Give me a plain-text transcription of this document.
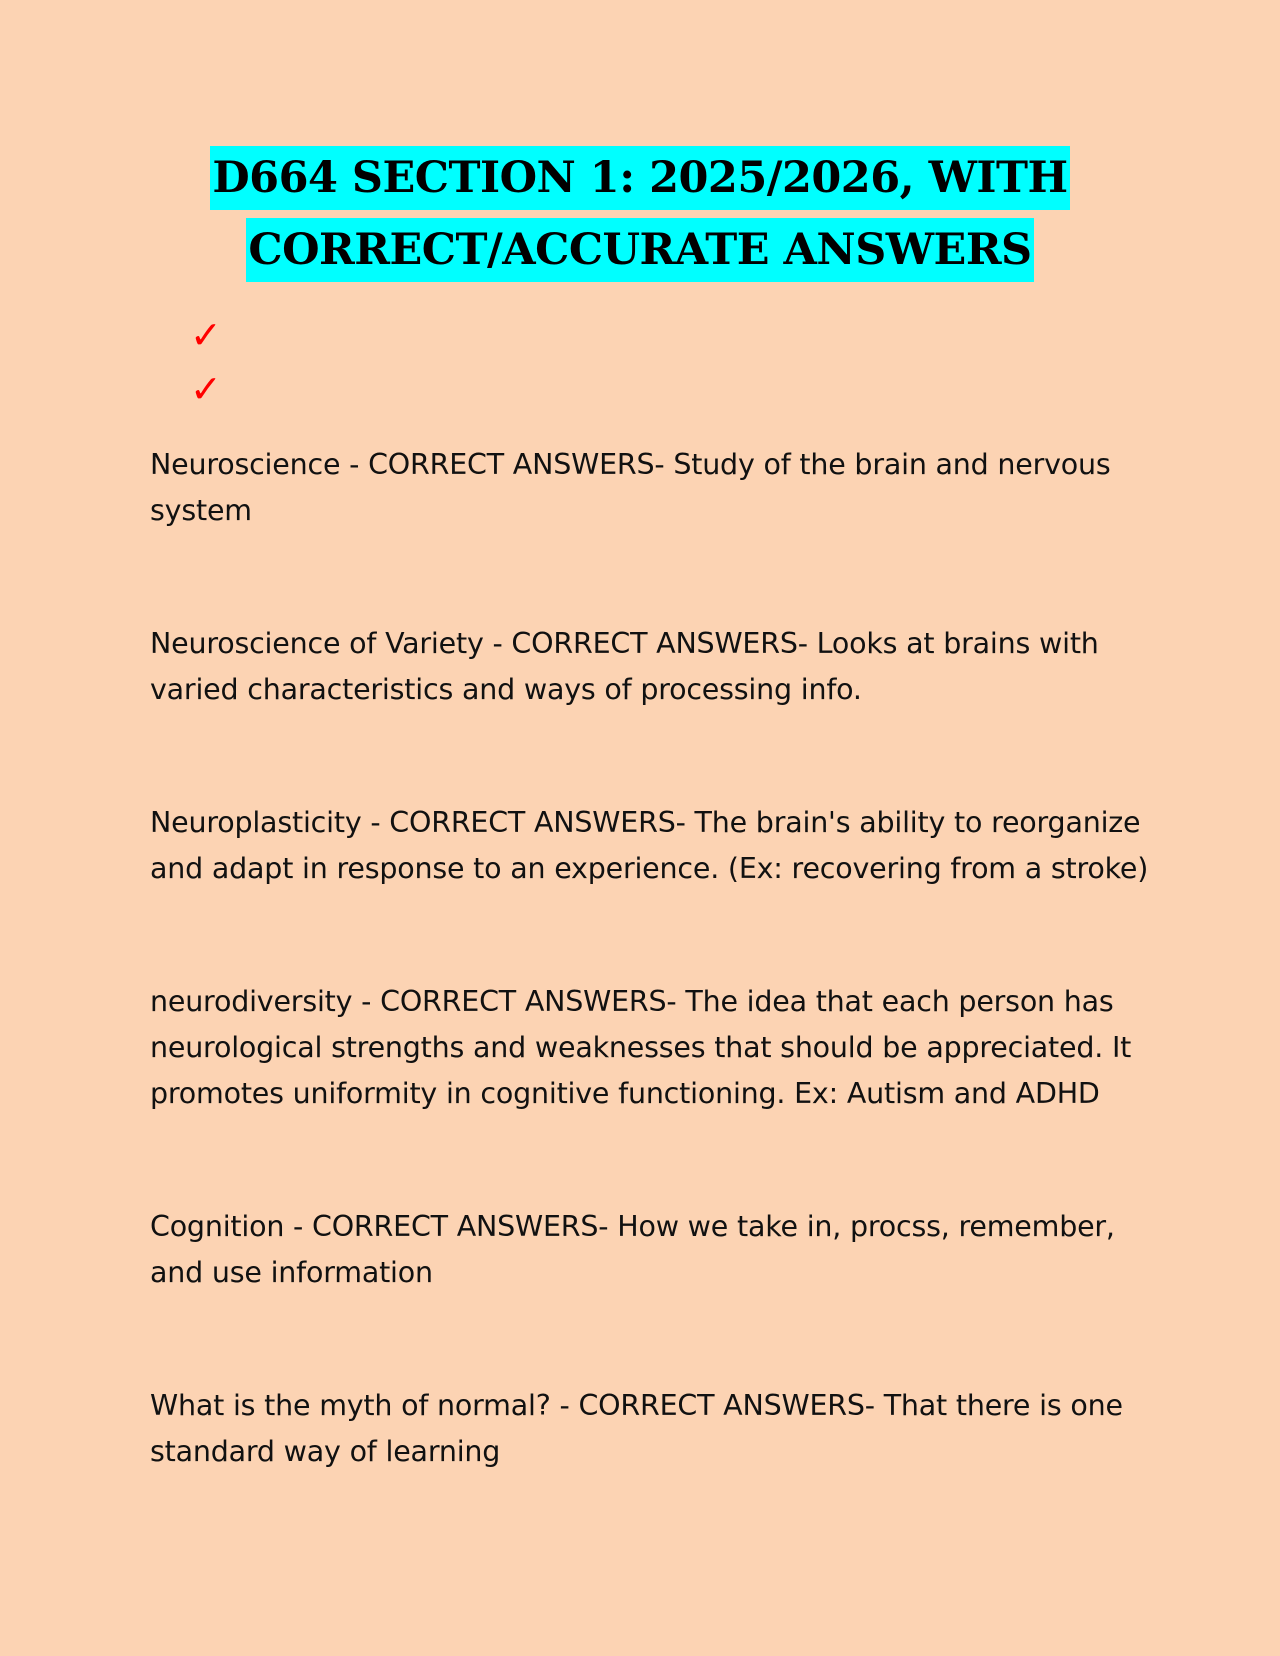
D664 SECTION 1: 2025/2026, WITH
CORRECT/ACCURATE ANSWERS
✓
✓

Neuroscience - CORRECT ANSWERS- Study of the brain and nervous system

Neuroscience of Variety - CORRECT ANSWERS- Looks at brains with varied characteristics and ways of processing info.

Neuroplasticity - CORRECT ANSWERS- The brain's ability to reorganize and adapt in response to an experience. (Ex: recovering from a stroke)

neurodiversity - CORRECT ANSWERS- The idea that each person has neurological strengths and weaknesses that should be appreciated. It promotes uniformity in cognitive functioning. Ex: Autism and ADHD

Cognition - CORRECT ANSWERS- How we take in, procss, remember, and use information

What is the myth of normal? - CORRECT ANSWERS- That there is one standard way of learning
